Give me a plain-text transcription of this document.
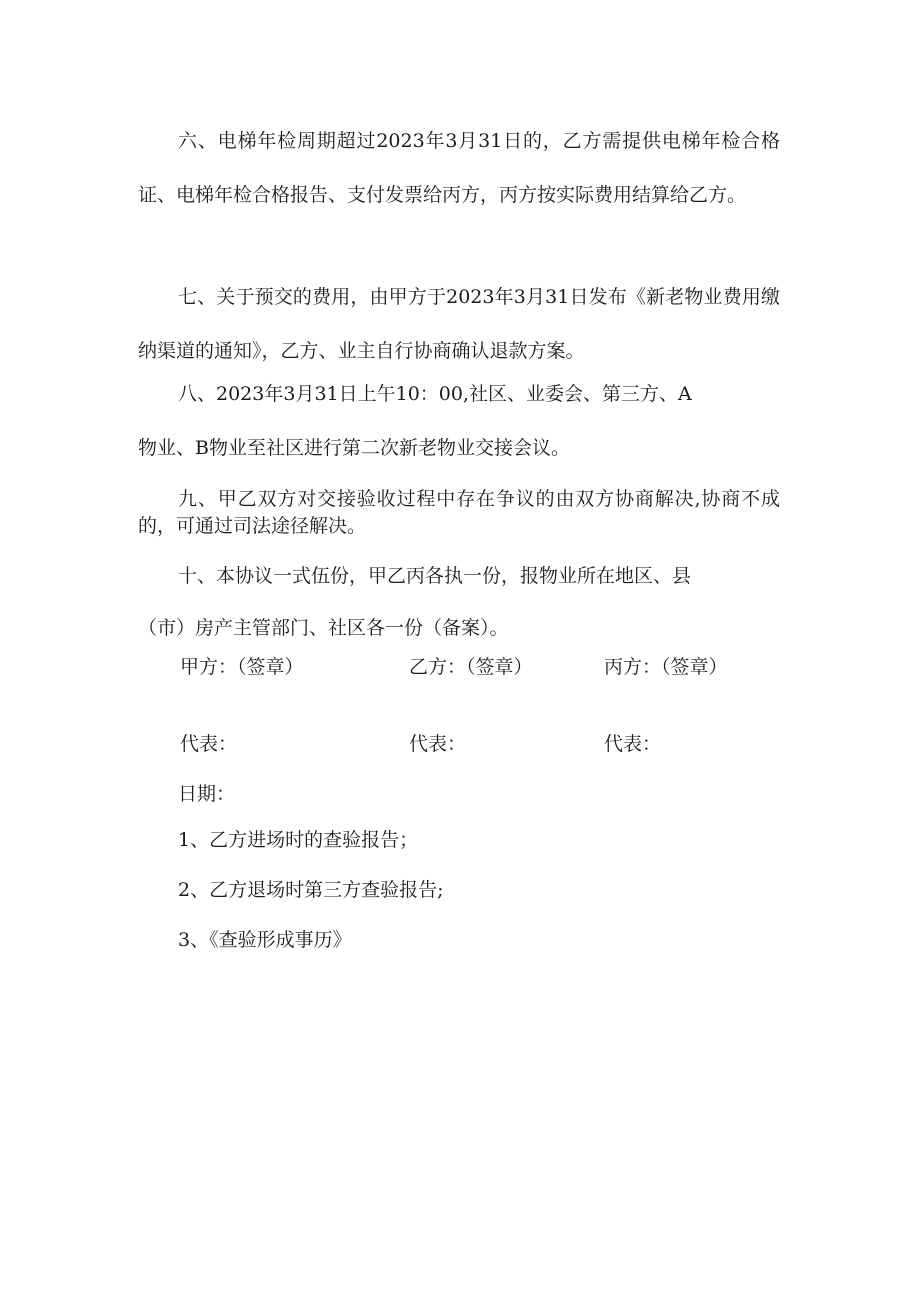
六、电梯年检周期超过2023年3月31日的，乙方需提供电梯年检合格证、电梯年检合格报告、支付发票给丙方，丙方按实际费用结算给乙方。

七、关于预交的费用，由甲方于2023年3月31日发布《新老物业费用缴纳渠道的通知》，乙方、业主自行协商确认退款方案。

八、2023年3月31日上午10：00,社区、业委会、第三方、A

物业、B物业至社区进行第二次新老物业交接会议。

九、甲乙双方对交接验收过程中存在争议的由双方协商解决,协商不成的，可通过司法途径解决。

十、本协议一式伍份，甲乙丙各执一份，报物业所在地区、县

（市）房产主管部门、社区各一份（备案）。

甲方：（签章）	乙方：（签章）	丙方：（签章）
代表：	代表：	代表：
日期：
1、乙方进场时的查验报告；
2、乙方退场时第三方查验报告;
3、《查验形成事历》
